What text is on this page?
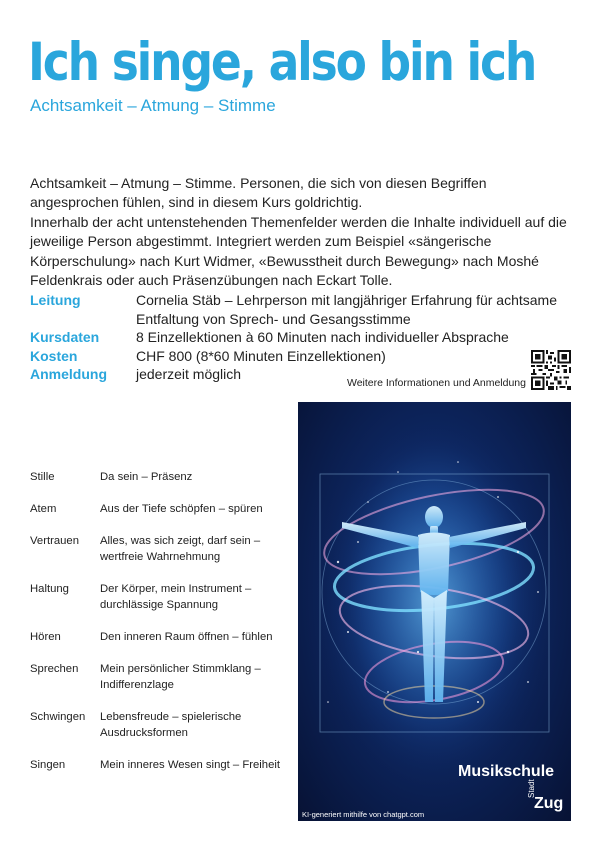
Ich singe, also bin ich
Achtsamkeit – Atmung – Stimme

Achtsamkeit – Atmung – Stimme. Personen, die sich von diesen Begriffen angesprochen fühlen, sind in diesem Kurs goldrichtig.

Innerhalb der acht untenstehenden Themenfelder werden die Inhalte individuell auf die jeweilige Person abgestimmt. Integriert werden zum Beispiel «sängerische Körperschulung» nach Kurt Widmer, «Bewusstheit durch Bewegung» nach Moshé Feldenkrais oder auch Präsenzübungen nach Eckart Tolle.

Leitung	Cornelia Stäb – Lehrperson mit langjähriger Erfahrung für achtsame Entfaltung von Sprech- und Gesangsstimme
Kursdaten	8 Einzellektionen à 60 Minuten nach individueller Absprache
Kosten	CHF 800 (8*60 Minuten Einzellektionen)
Anmeldung	jederzeit möglich
Weitere Informationen und Anmeldung
Stille	Da sein – Präsenz
Atem	Aus der Tiefe schöpfen – spüren
Vertrauen	Alles, was sich zeigt, darf sein –
wertfreie Wahrnehmung
Haltung	Der Körper, mein Instrument –
durchlässige Spannung
Hören	Den inneren Raum öffnen – fühlen
Sprechen	Mein persönlicher Stimmklang –
Indifferenzlage
Schwingen	Lebensfreude – spielerische
Ausdrucksformen
Singen	Mein inneres Wesen singt – Freiheit	Musikschule
Stadt
Zug
KI-generiert mithilfe von chatgpt.com
